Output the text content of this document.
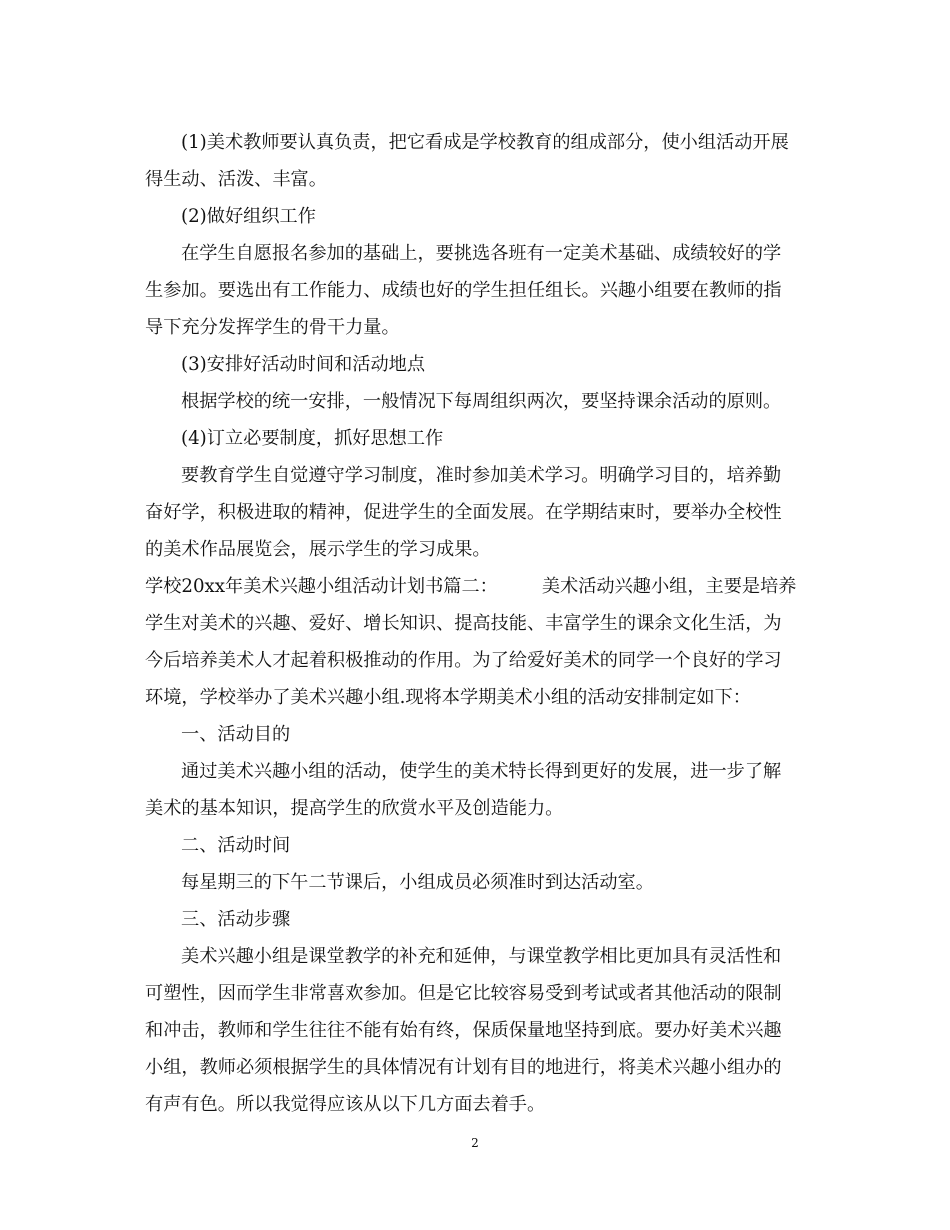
(1)美术教师要认真负责，把它看成是学校教育的组成部分，使小组活动开展

得生动、活泼、丰富。

(2)做好组织工作

在学生自愿报名参加的基础上，要挑选各班有一定美术基础、成绩较好的学

生参加。要选出有工作能力、成绩也好的学生担任组长。兴趣小组要在教师的指

导下充分发挥学生的骨干力量。

(3)安排好活动时间和活动地点

根据学校的统一安排，一般情况下每周组织两次，要坚持课余活动的原则。

(4)订立必要制度，抓好思想工作

要教育学生自觉遵守学习制度，准时参加美术学习。明确学习目的，培养勤

奋好学，积极进取的精神，促进学生的全面发展。在学期结束时，要举办全校性

的美术作品展览会，展示学生的学习成果。

学校20xx年美术兴趣小组活动计划书篇二： 美术活动兴趣小组，主要是培养

学生对美术的兴趣、爱好、增长知识、提高技能、丰富学生的课余文化生活，为

今后培养美术人才起着积极推动的作用。为了给爱好美术的同学一个良好的学习

环境，学校举办了美术兴趣小组.现将本学期美术小组的活动安排制定如下：

一、活动目的

通过美术兴趣小组的活动，使学生的美术特长得到更好的发展，进一步了解

美术的基本知识，提高学生的欣赏水平及创造能力。

二、活动时间

每星期三的下午二节课后，小组成员必须准时到达活动室。

三、活动步骤

美术兴趣小组是课堂教学的补充和延伸，与课堂教学相比更加具有灵活性和

可塑性，因而学生非常喜欢参加。但是它比较容易受到考试或者其他活动的限制

和冲击，教师和学生往往不能有始有终，保质保量地坚持到底。要办好美术兴趣

小组，教师必须根据学生的具体情况有计划有目的地进行，将美术兴趣小组办的

有声有色。所以我觉得应该从以下几方面去着手。

2
